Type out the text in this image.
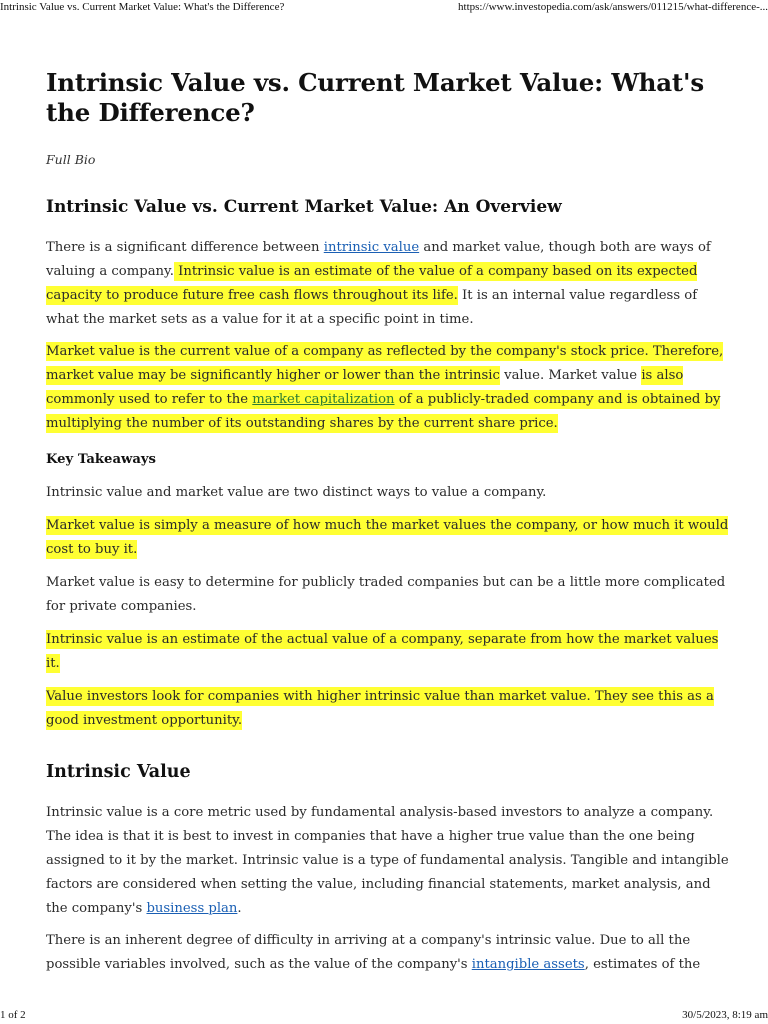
Intrinsic Value vs. Current Market Value: What's the Difference?	https://www.investopedia.com/ask/answers/011215/what-difference-...
Intrinsic Value vs. Current Market Value: What's the Difference?
Full Bio
Intrinsic Value vs. Current Market Value: An Overview

There is a significant difference between intrinsic value and market value, though both are ways of valuing a company. Intrinsic value is an estimate of the value of a company based on its expected capacity to produce future free cash flows throughout its life. It is an internal value regardless of what the market sets as a value for it at a specific point in time.

Market value is the current value of a company as reflected by the company's stock price. Therefore, market value may be significantly higher or lower than the intrinsic value. Market value is also commonly used to refer to the market capitalization of a publicly-traded company and is obtained by multiplying the number of its outstanding shares by the current share price.

Key Takeaways

Intrinsic value and market value are two distinct ways to value a company.

Market value is simply a measure of how much the market values the company, or how much it would cost to buy it.

Market value is easy to determine for publicly traded companies but can be a little more complicated for private companies.

Intrinsic value is an estimate of the actual value of a company, separate from how the market values it.

Value investors look for companies with higher intrinsic value than market value. They see this as a good investment opportunity.

Intrinsic Value

Intrinsic value is a core metric used by fundamental analysis-based investors to analyze a company. The idea is that it is best to invest in companies that have a higher true value than the one being assigned to it by the market. Intrinsic value is a type of fundamental analysis. Tangible and intangible factors are considered when setting the value, including financial statements, market analysis, and the company's business plan.

There is an inherent degree of difficulty in arriving at a company's intrinsic value. Due to all the possible variables involved, such as the value of the company's intangible assets, estimates of the

1 of 2	30/5/2023, 8:19 am
